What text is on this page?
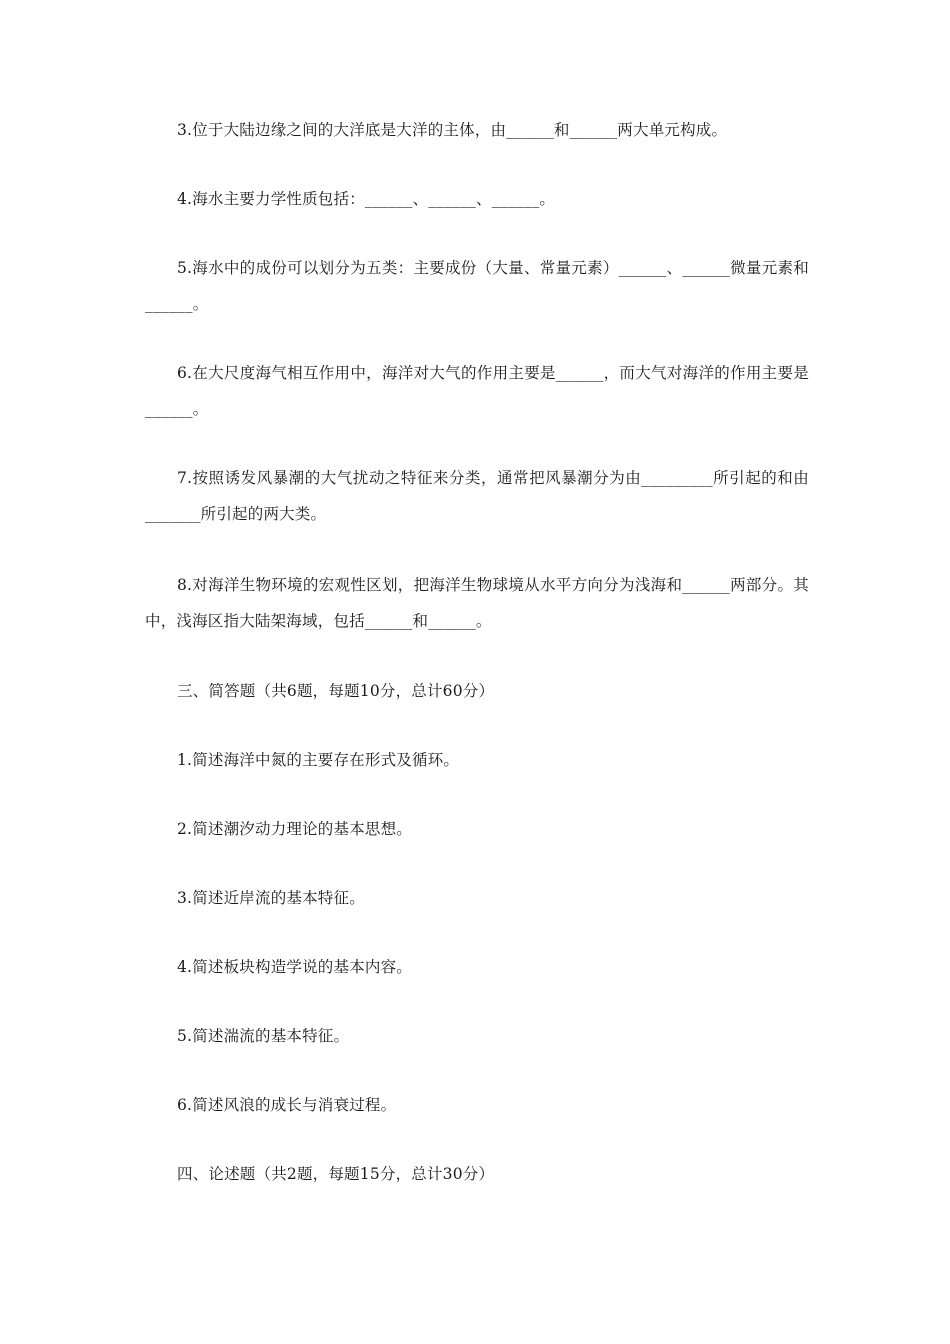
3.位于大陆边缘之间的大洋底是大洋的主体，由______和______两大单元构成。

4.海水主要力学性质包括：______、______、______。

5.海水中的成份可以划分为五类：主要成份（大量、常量元素）______、______微量元素和______。

6.在大尺度海气相互作用中，海洋对大气的作用主要是______，而大气对海洋的作用主要是______。

7.按照诱发风暴潮的大气扰动之特征来分类，通常把风暴潮分为由_________所引起的和由_______所引起的两大类。

8.对海洋生物环境的宏观性区划，把海洋生物球境从水平方向分为浅海和______两部分。其中，浅海区指大陆架海域，包括______和______。

三、简答题（共6题，每题10分，总计60分）

1.简述海洋中氮的主要存在形式及循环。

2.简述潮汐动力理论的基本思想。

3.简述近岸流的基本特征。

4.简述板块构造学说的基本内容。

5.简述湍流的基本特征。

6.简述风浪的成长与消衰过程。

四、论述题（共2题，每题15分，总计30分）
